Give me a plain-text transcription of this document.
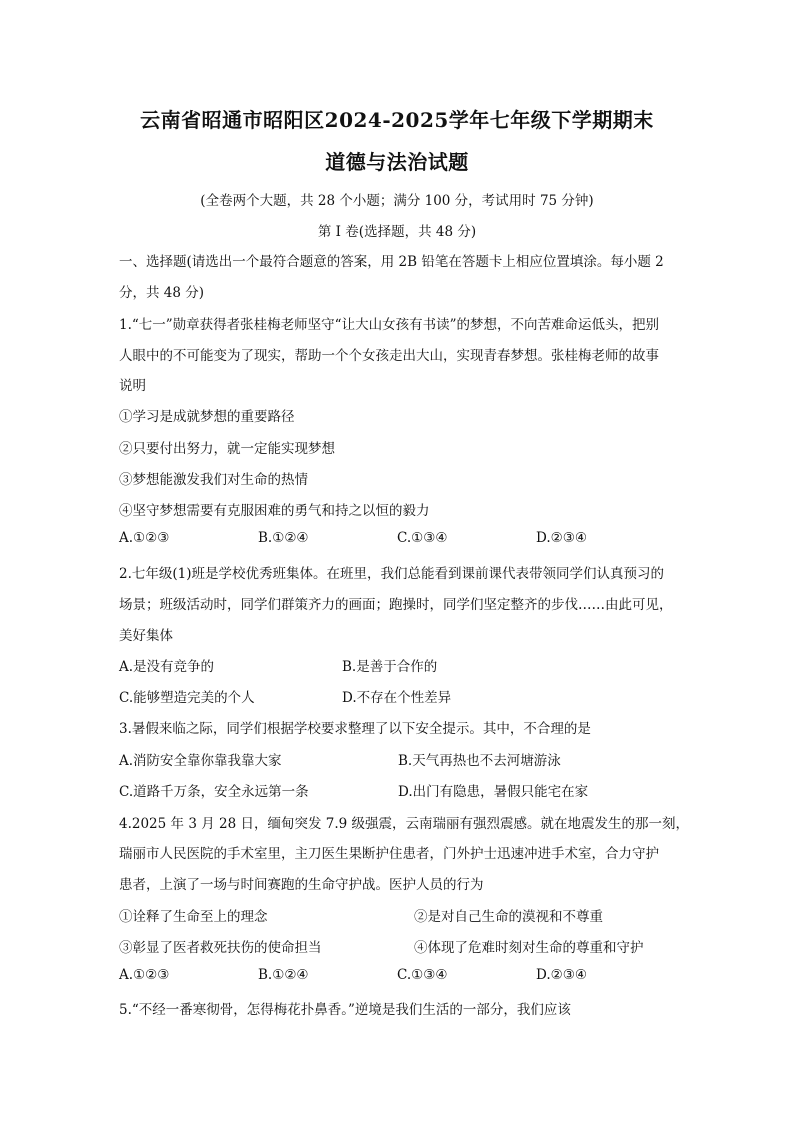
云南省昭通市昭阳区2024-2025学年七年级下学期期末
道德与法治试题
(全卷两个大题，共 28 个小题；满分 100 分，考试用时 75 分钟)
第 I 卷(选择题，共 48 分)
一、选择题(请选出一个最符合题意的答案，用 2B 铅笔在答题卡上相应位置填涂。每小题 2
分，共 48 分)
1.“七一”勋章获得者张桂梅老师坚守“让大山女孩有书读”的梦想，不向苦难命运低头，把别
人眼中的不可能变为了现实，帮助一个个女孩走出大山，实现青春梦想。张桂梅老师的故事
说明
①学习是成就梦想的重要路径
②只要付出努力，就一定能实现梦想
③梦想能激发我们对生命的热情
④坚守梦想需要有克服困难的勇气和持之以恒的毅力
A.①②③	B.①②④	C.①③④	D.②③④
2.七年级(1)班是学校优秀班集体。在班里，我们总能看到课前课代表带领同学们认真预习的
场景；班级活动时，同学们群策齐力的画面；跑操时，同学们坚定整齐的步伐……由此可见，
美好集体
A.是没有竞争的	B.是善于合作的
C.能够塑造完美的个人	D.不存在个性差异
3.暑假来临之际，同学们根据学校要求整理了以下安全提示。其中，不合理的是
A.消防安全靠你靠我靠大家	B.天气再热也不去河塘游泳
C.道路千万条，安全永远第一条	D.出门有隐患，暑假只能宅在家
4.2025 年 3 月 28 日，缅甸突发 7.9 级强震，云南瑞丽有强烈震感。就在地震发生的那一刻，
瑞丽市人民医院的手术室里，主刀医生果断护住患者，门外护士迅速冲进手术室，合力守护
患者，上演了一场与时间赛跑的生命守护战。医护人员的行为
①诠释了生命至上的理念	②是对自己生命的漠视和不尊重
③彰显了医者救死扶伤的使命担当	④体现了危难时刻对生命的尊重和守护
A.①②③	B.①②④	C.①③④	D.②③④
5.“不经一番寒彻骨，怎得梅花扑鼻香。”逆境是我们生活的一部分，我们应该
